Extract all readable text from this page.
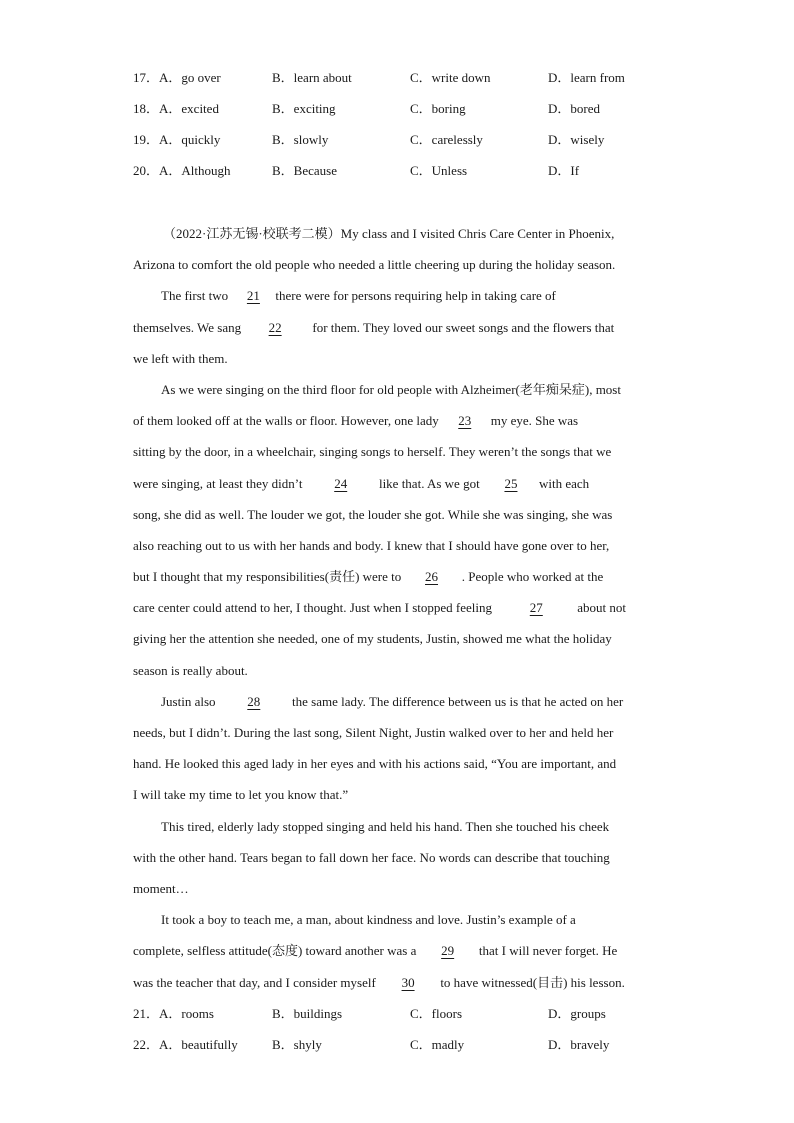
17．A．go over	B．learn about	C．write down	D．learn from
18．A．excited	B．exciting	C．boring	D．bored
19．A．quickly	B．slowly	C．carelessly	D．wisely
20．A．Although	B．Because	C．Unless	D．If
（2022·江苏无锡·校联考二模）My class and I visited Chris Care Center in Phoenix,
Arizona to comfort the old people who needed a little cheering up during the holiday season.
The first two 21 there were for persons requiring help in taking care of
themselves. We sang 22 for them. They loved our sweet songs and the flowers that
we left with them.
As we were singing on the third floor for old people with Alzheimer(老年痴呆症), most
of them looked off at the walls or floor. However, one lady 23 my eye. She was
sitting by the door, in a wheelchair, singing songs to herself. They weren’t the songs that we
were singing, at least they didn’t 24 like that. As we got 25 with each
song, she did as well. The louder we got, the louder she got. While she was singing, she was
also reaching out to us with her hands and body. I knew that I should have gone over to her,
but I thought that my responsibilities(责任) were to 26 . People who worked at the
care center could attend to her, I thought. Just when I stopped feeling	27	about not
giving her the attention she needed, one of my students, Justin, showed me what the holiday
season is really about.
Justin also 28 the same lady. The difference between us is that he acted on her
needs, but I didn’t. During the last song, Silent Night, Justin walked over to her and held her
hand. He looked this aged lady in her eyes and with his actions said, “You are important, and
I will take my time to let you know that.”
This tired, elderly lady stopped singing and held his hand. Then she touched his cheek
with the other hand. Tears began to fall down her face. No words can describe that touching
moment…
It took a boy to teach me, a man, about kindness and love. Justin’s example of a
complete, selfless attitude(态度) toward another was a 29 that I will never forget. He
was the teacher that day, and I consider myself 30 to have witnessed(目击) his lesson.
21．A．rooms	B．buildings	C．floors	D．groups
22．A．beautifully	B．shyly	C．madly	D．bravely
